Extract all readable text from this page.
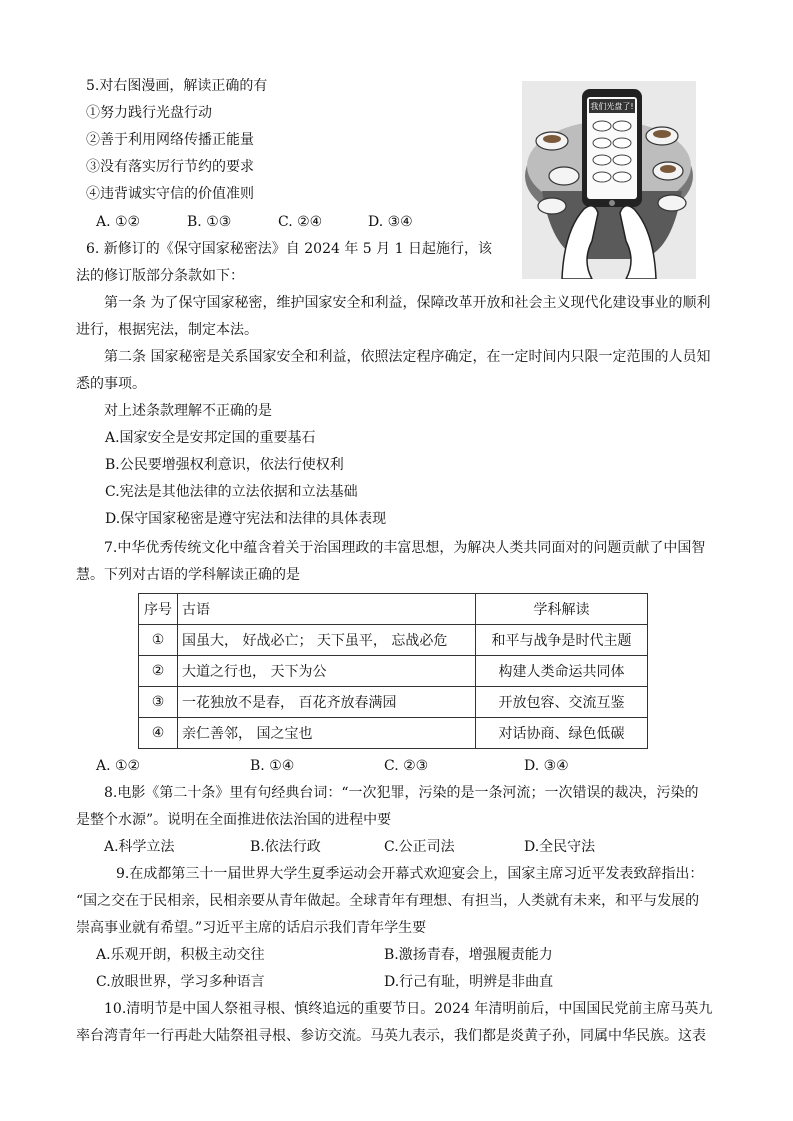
5.对右图漫画，解读正确的有
①努力践行光盘行动
②善于利用网络传播正能量
③没有落实厉行节约的要求
④违背诚实守信的价值准则
A. ①②	B. ①③	C. ②④	D. ③④
我们光盘了!
6. 新修订的《保守国家秘密法》自 2024 年 5 月 1 日起施行，该
法的修订版部分条款如下：
第一条 为了保守国家秘密，维护国家安全和利益，保障改革开放和社会主义现代化建设事业的顺利
进行，根据宪法，制定本法。
第二条 国家秘密是关系国家安全和利益，依照法定程序确定，在一定时间内只限一定范围的人员知
悉的事项。
对上述条款理解不正确的是
A.国家安全是安邦定国的重要基石
B.公民要增强权利意识，依法行使权利
C.宪法是其他法律的立法依据和立法基础
D.保守国家秘密是遵守宪法和法律的具体表现
7.中华优秀传统文化中蕴含着关于治国理政的丰富思想，为解决人类共同面对的问题贡献了中国智
慧。下列对古语的学科解读正确的是
序号	古语	学科解读
①	国虽大， 好战必亡； 天下虽平， 忘战必危	和平与战争是时代主题
②	大道之行也， 天下为公	构建人类命运共同体
③	一花独放不是春， 百花齐放春满园	开放包容、交流互鉴
④	亲仁善邻， 国之宝也	对话协商、绿色低碳
A. ①②	B. ①④	C. ②③	D. ③④
8.电影《第二十条》里有句经典台词：“一次犯罪，污染的是一条河流；一次错误的裁决，污染的
是整个水源”。说明在全面推进依法治国的进程中要
A.科学立法	B.依法行政	C.公正司法	D.全民守法
9.在成都第三十一届世界大学生夏季运动会开幕式欢迎宴会上，国家主席习近平发表致辞指出：
“国之交在于民相亲，民相亲要从青年做起。全球青年有理想、有担当，人类就有未来，和平与发展的
崇高事业就有希望。”习近平主席的话启示我们青年学生要
A.乐观开朗，积极主动交往	B.激扬青春，增强履责能力
C.放眼世界，学习多种语言	D.行己有耻，明辨是非曲直
10.清明节是中国人祭祖寻根、慎终追远的重要节日。2024 年清明前后，中国国民党前主席马英九
率台湾青年一行再赴大陆祭祖寻根、参访交流。马英九表示，我们都是炎黄子孙，同属中华民族。这表
